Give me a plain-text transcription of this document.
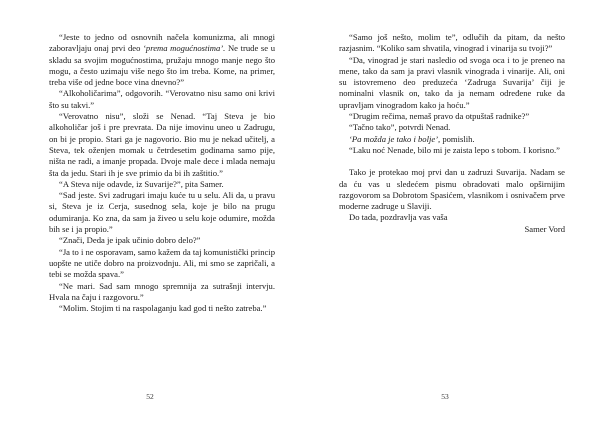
“Jeste to jedno od osnovnih načela komunizma, ali mnogi zaboravljaju onaj prvi deo ‘prema mogućnostima’. Ne trude se u skladu sa svojim mogućnostima, pružaju mnogo manje nego što mogu, a često uzimaju više nego što im treba. Kome, na primer, treba više od jedne boce vina dnevno?”

“Alkoholičarima”, odgovorih. “Verovatno nisu samo oni krivi što su takvi.”

“Verovatno nisu”, složi se Nenad. “Taj Steva je bio alkoholičar još i pre prevrata. Da nije imovinu uneo u Zadrugu, on bi je propio. Stari ga je nagovorio. Bio mu je nekad učitelj, a Steva, tek oženjen momak u četrdesetim godinama samo pije, ništa ne radi, a imanje propada. Dvoje male dece i mlada nemaju šta da jedu. Stari ih je sve primio da bi ih zaštitio.”

“A Steva nije odavde, iz Suvarije?”, pita Samer.

“Sad jeste. Svi zadrugari imaju kuće tu u selu. Ali da, u pravu si, Steva je iz Cerja, susednog sela, koje je bilo na prugu odumiranja. Ko zna, da sam ja živeo u selu koje odumire, možda bih se i ja propio.”

“Znači, Deda je ipak učinio dobro delo?”

“Ja to i ne osporavam, samo kažem da taj komunistički princip uopšte ne utiče dobro na proizvodnju. Ali, mi smo se zapričali, a tebi se možda spava.”

“Ne mari. Sad sam mnogo spremnija za sutrašnji intervju. Hvala na čaju i razgovoru.”

“Molim. Stojim ti na raspolaganju kad god ti nešto zatreba.”

52

“Samo još nešto, molim te”, odlučih da pitam, da nešto razjasnim. “Koliko sam shvatila, vinograd i vinarija su tvoji?”

“Da, vinograd je stari nasledio od svoga oca i to je preneo na mene, tako da sam ja pravi vlasnik vinograda i vinarije. Ali, oni su istovremeno deo preduzeća ‘Zadruga Suvarija’ čiji je nominalni vlasnik on, tako da ja nemam određene ruke da upravljam vinogradom kako ja hoću.”

“Drugim rečima, nemaš pravo da otpuštaš radnike?”

“Tačno tako”, potvrdi Nenad.

‘Pa možda je tako i bolje’, pomislih.

“Laku noć Nenade, bilo mi je zaista lepo s tobom. I korisno.”

Tako je protekao moj prvi dan u zadruzi Suvarija. Nadam se da ću vas u sledećem pismu obradovati malo opširnijim razgovorom sa Dobrotom Spasićem, vlasnikom i osnivačem prve moderne zadruge u Slaviji.

Do tada, pozdravlja vas vaša

Samer Vord

53
